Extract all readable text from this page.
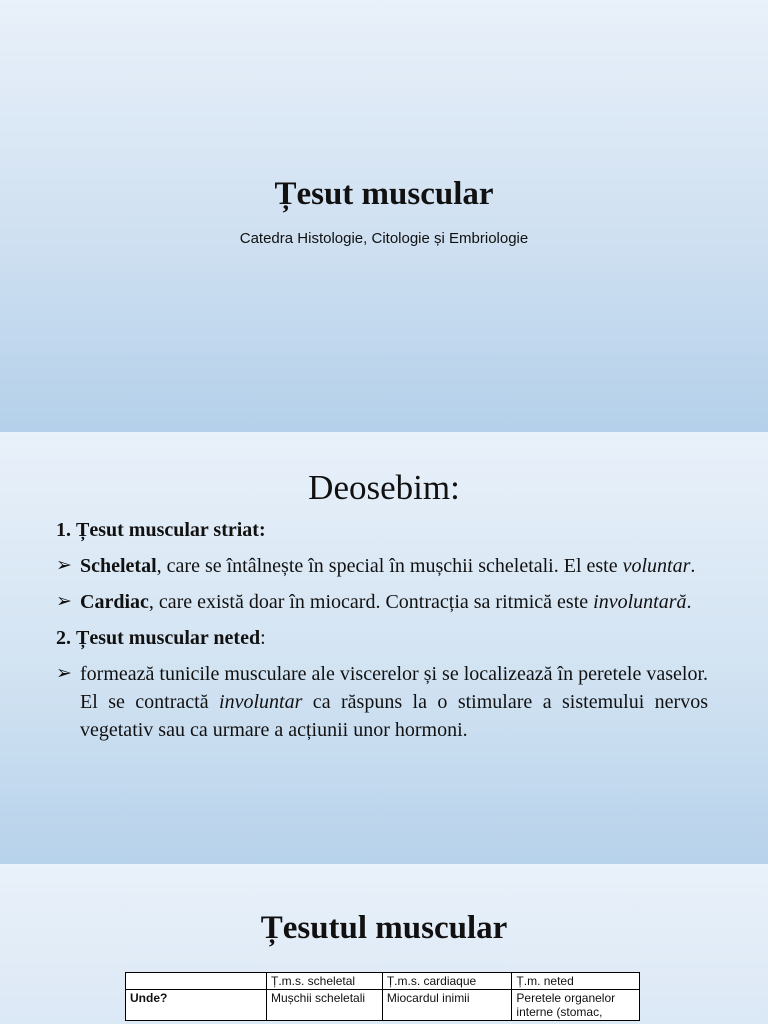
Țesut muscular
Catedra Histologie, Citologie și Embriologie
Deosebim:

1. Țesut muscular striat:

➢ Scheletal, care se întâlnește în special în mușchii scheletali. El este voluntar.

➢ Cardiac, care există doar în miocard. Contracția sa ritmică este involuntară.

2. Țesut muscular neted:

➢ formează tunicile musculare ale viscerelor și se localizează în peretele vaselor. El se contractă involuntar ca răspuns la o stimulare a sistemului nervos vegetativ sau ca urmare a acțiunii unor hormoni.

Țesutul muscular
	Ț.m.s. scheletal	Ț.m.s. cardiaque	Ț.m. neted
Unde?	Mușchii scheletali	Miocardul inimii	Peretele organelor interne (stomac,
